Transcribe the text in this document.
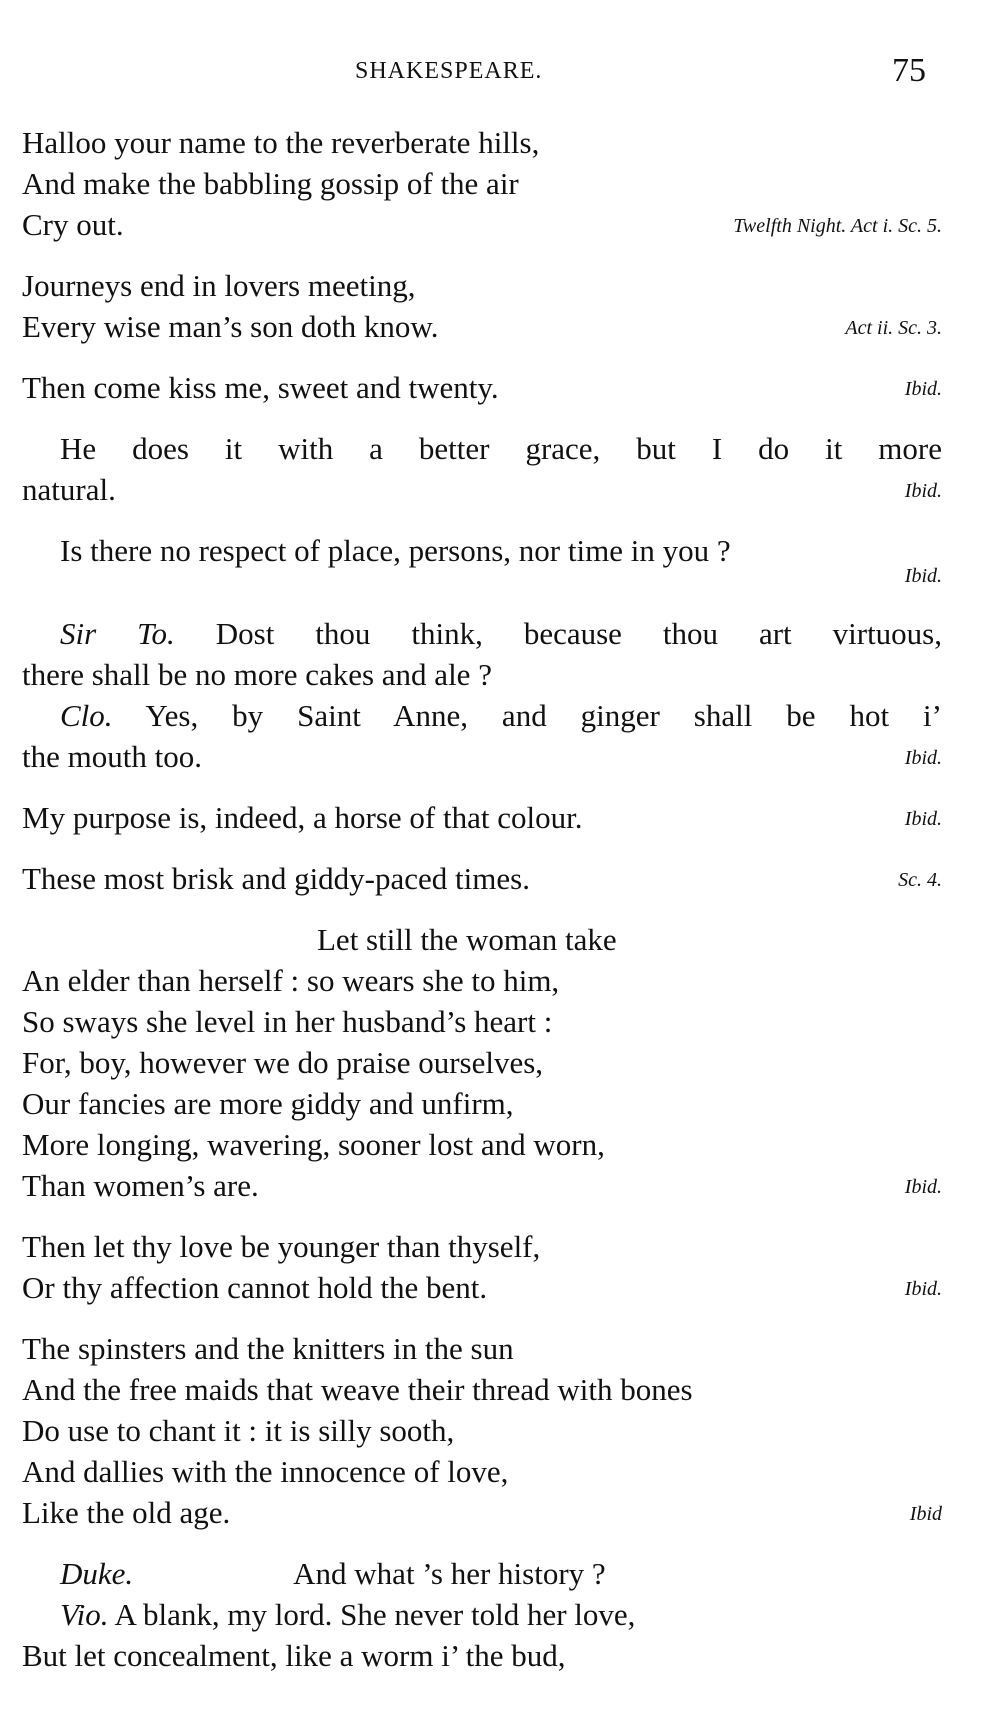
SHAKESPEARE.	75
Halloo your name to the reverberate hills,
And make the babbling gossip of the air
Cry out.	Twelfth Night. Act i. Sc. 5.
Journeys end in lovers meeting,
Every wise man’s son doth know.	Act ii. Sc. 3.
Then come kiss me, sweet and twenty.	Ibid.
He does it with a better grace, but I do it more
natural.	Ibid.
Is there no respect of place, persons, nor time in you ?
Ibid.
Sir To. Dost thou think, because thou art virtuous,
there shall be no more cakes and ale ?
Clo. Yes, by Saint Anne, and ginger shall be hot i’
the mouth too.	Ibid.
My purpose is, indeed, a horse of that colour.	Ibid.
These most brisk and giddy-paced times.	Sc. 4.
Let still the woman take
An elder than herself : so wears she to him,
So sways she level in her husband’s heart :
For, boy, however we do praise ourselves,
Our fancies are more giddy and unfirm,
More longing, wavering, sooner lost and worn,
Than women’s are.	Ibid.
Then let thy love be younger than thyself,
Or thy affection cannot hold the bent.	Ibid.
The spinsters and the knitters in the sun
And the free maids that weave their thread with bones
Do use to chant it : it is silly sooth,
And dallies with the innocence of love,
Like the old age.	Ibid
Duke.	And what ’s her history ?
Vio. A blank, my lord. She never told her love,
But let concealment, like a worm i’ the bud,
